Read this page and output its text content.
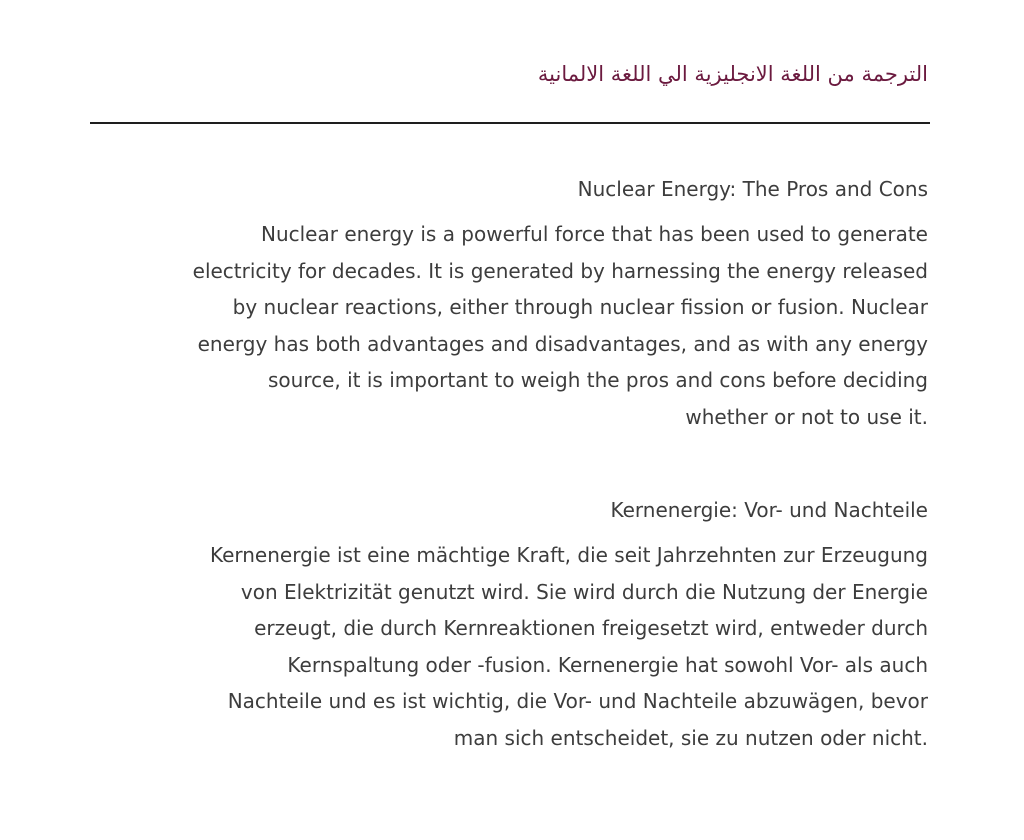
الترجمة من اللغة الانجليزية الي اللغة الالمانية
Nuclear Energy: The Pros and Cons

Nuclear energy is a powerful force that has been used to generate
electricity for decades. It is generated by harnessing the energy released
by nuclear reactions, either through nuclear fission or fusion. Nuclear
energy has both advantages and disadvantages, and as with any energy
source, it is important to weigh the pros and cons before deciding
.whether or not to use it

Kernenergie: Vor- und Nachteile

Kernenergie ist eine mächtige Kraft, die seit Jahrzehnten zur Erzeugung
von Elektrizität genutzt wird. Sie wird durch die Nutzung der Energie
erzeugt, die durch Kernreaktionen freigesetzt wird, entweder durch
Kernspaltung oder -fusion. Kernenergie hat sowohl Vor- als auch
Nachteile und es ist wichtig, die Vor- und Nachteile abzuwägen, bevor
.man sich entscheidet, sie zu nutzen oder nicht
